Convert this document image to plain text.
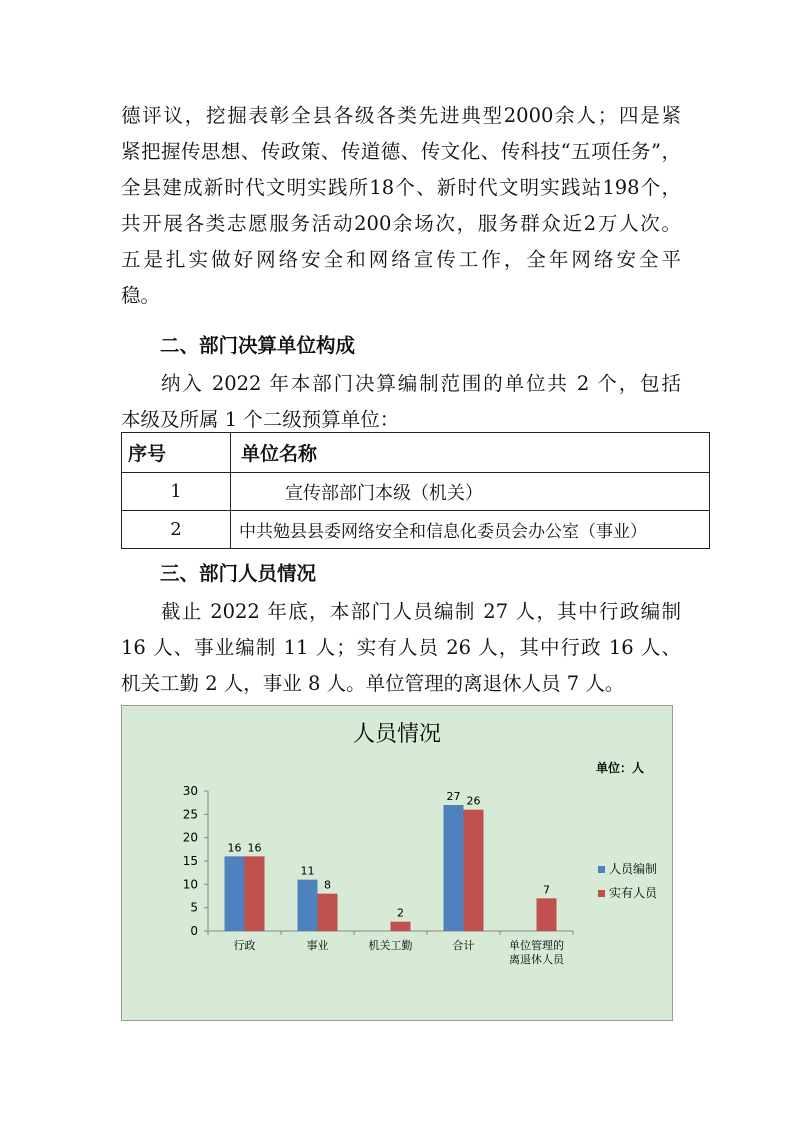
德评议，挖掘表彰全县各级各类先进典型2000余人；四是紧
紧把握传思想、传政策、传道德、传文化、传科技“五项任务”，
全县建成新时代文明实践所18个、新时代文明实践站198个，
共开展各类志愿服务活动200余场次，服务群众近2万人次。
五是扎实做好网络安全和网络宣传工作，全年网络安全平
稳。
二、部门决算单位构成
纳入 2022 年本部门决算编制范围的单位共 2 个，包括
本级及所属 1 个二级预算单位：
序号	单位名称
1	宣传部部门本级（机关）
2	中共勉县县委网络安全和信息化委员会办公室（事业）
三、部门人员情况
截止 2022 年底，本部门人员编制 27 人，其中行政编制
16 人、事业编制 11 人；实有人员 26 人，其中行政 16 人、
机关工勤 2 人，事业 8 人。单位管理的离退休人员 7 人。
人员情况
单位：人
0
5
10
15
20
25
30
16 16
行政
11
8
事业
2
机关工勤
27 26
合计
7
单位管理的
离退休人员
人员编制
实有人员
